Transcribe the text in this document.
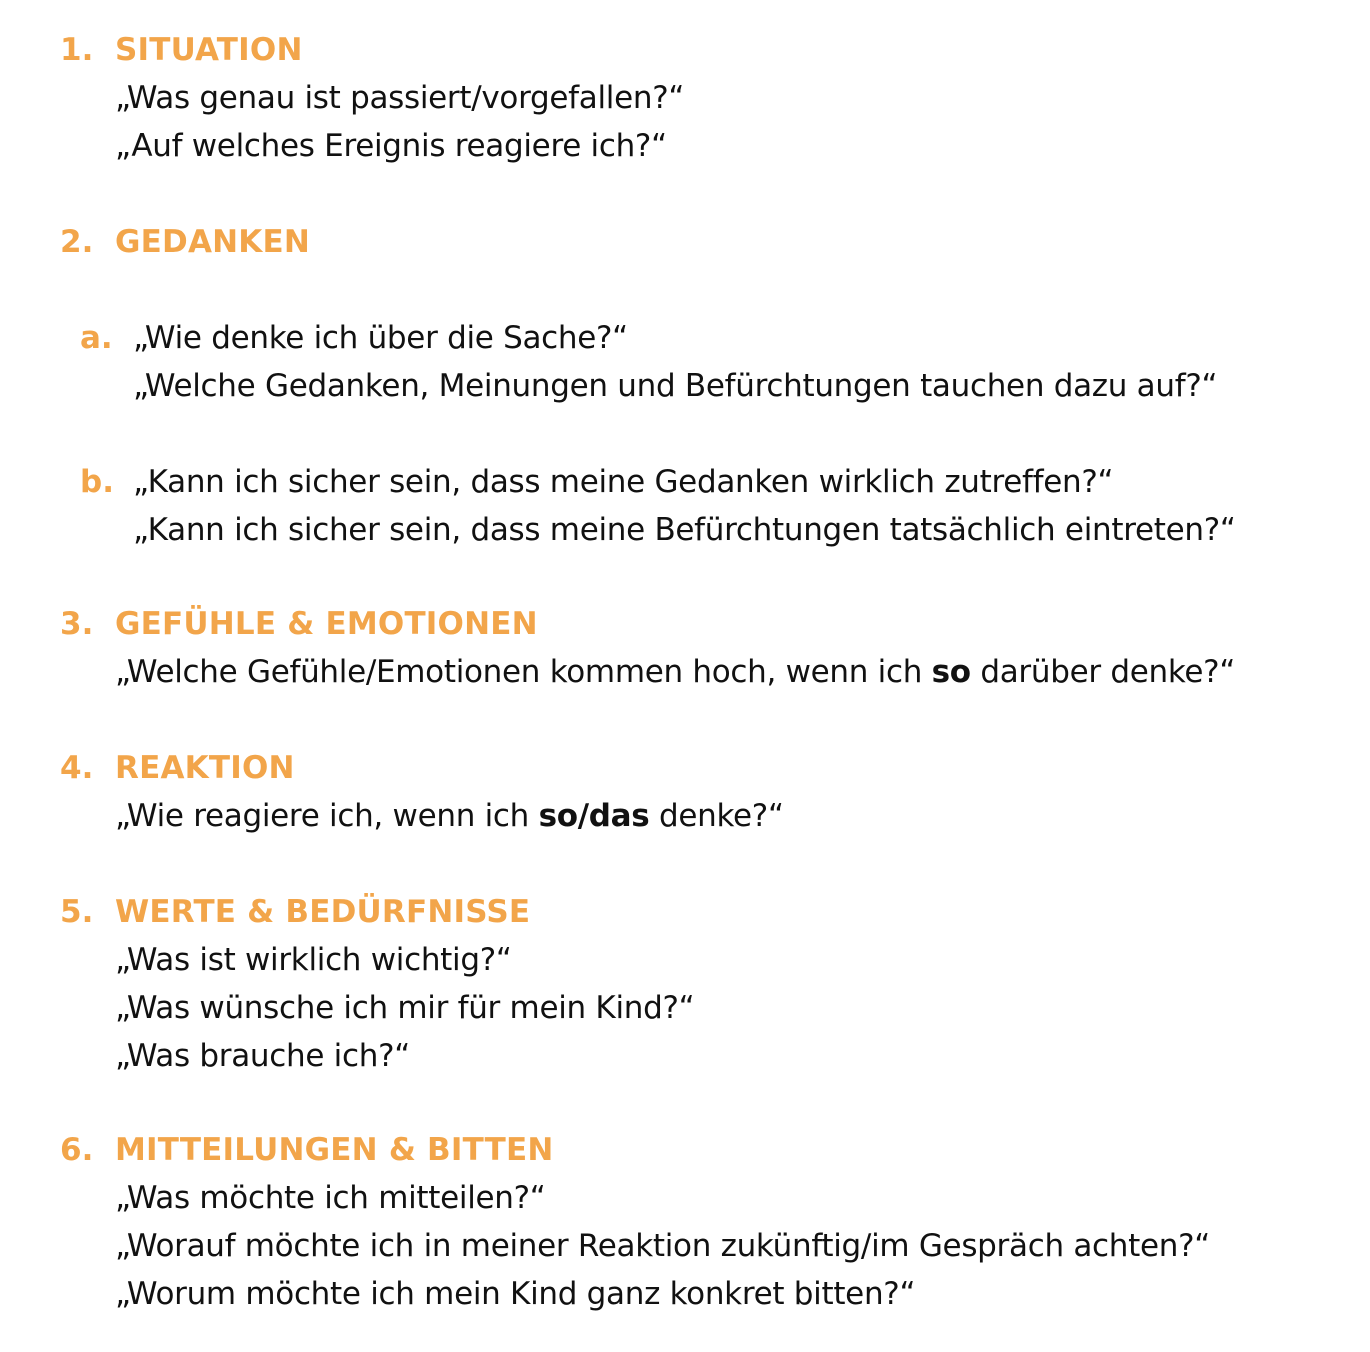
1. SITUATION
„Was genau ist passiert/vorgefallen?“
„Auf welches Ereignis reagiere ich?“
2. GEDANKEN
a. „Wie denke ich über die Sache?“
„Welche Gedanken, Meinungen und Befürchtungen tauchen dazu auf?“
b. „Kann ich sicher sein, dass meine Gedanken wirklich zutreffen?“
„Kann ich sicher sein, dass meine Befürchtungen tatsächlich eintreten?“
3. GEFÜHLE & EMOTIONEN
„Welche Gefühle/Emotionen kommen hoch, wenn ich so darüber denke?“
4. REAKTION
„Wie reagiere ich, wenn ich so/das denke?“
5. WERTE & BEDÜRFNISSE
„Was ist wirklich wichtig?“
„Was wünsche ich mir für mein Kind?“
„Was brauche ich?“
6. MITTEILUNGEN & BITTEN
„Was möchte ich mitteilen?“
„Worauf möchte ich in meiner Reaktion zukünftig/im Gespräch achten?“
„Worum möchte ich mein Kind ganz konkret bitten?“
